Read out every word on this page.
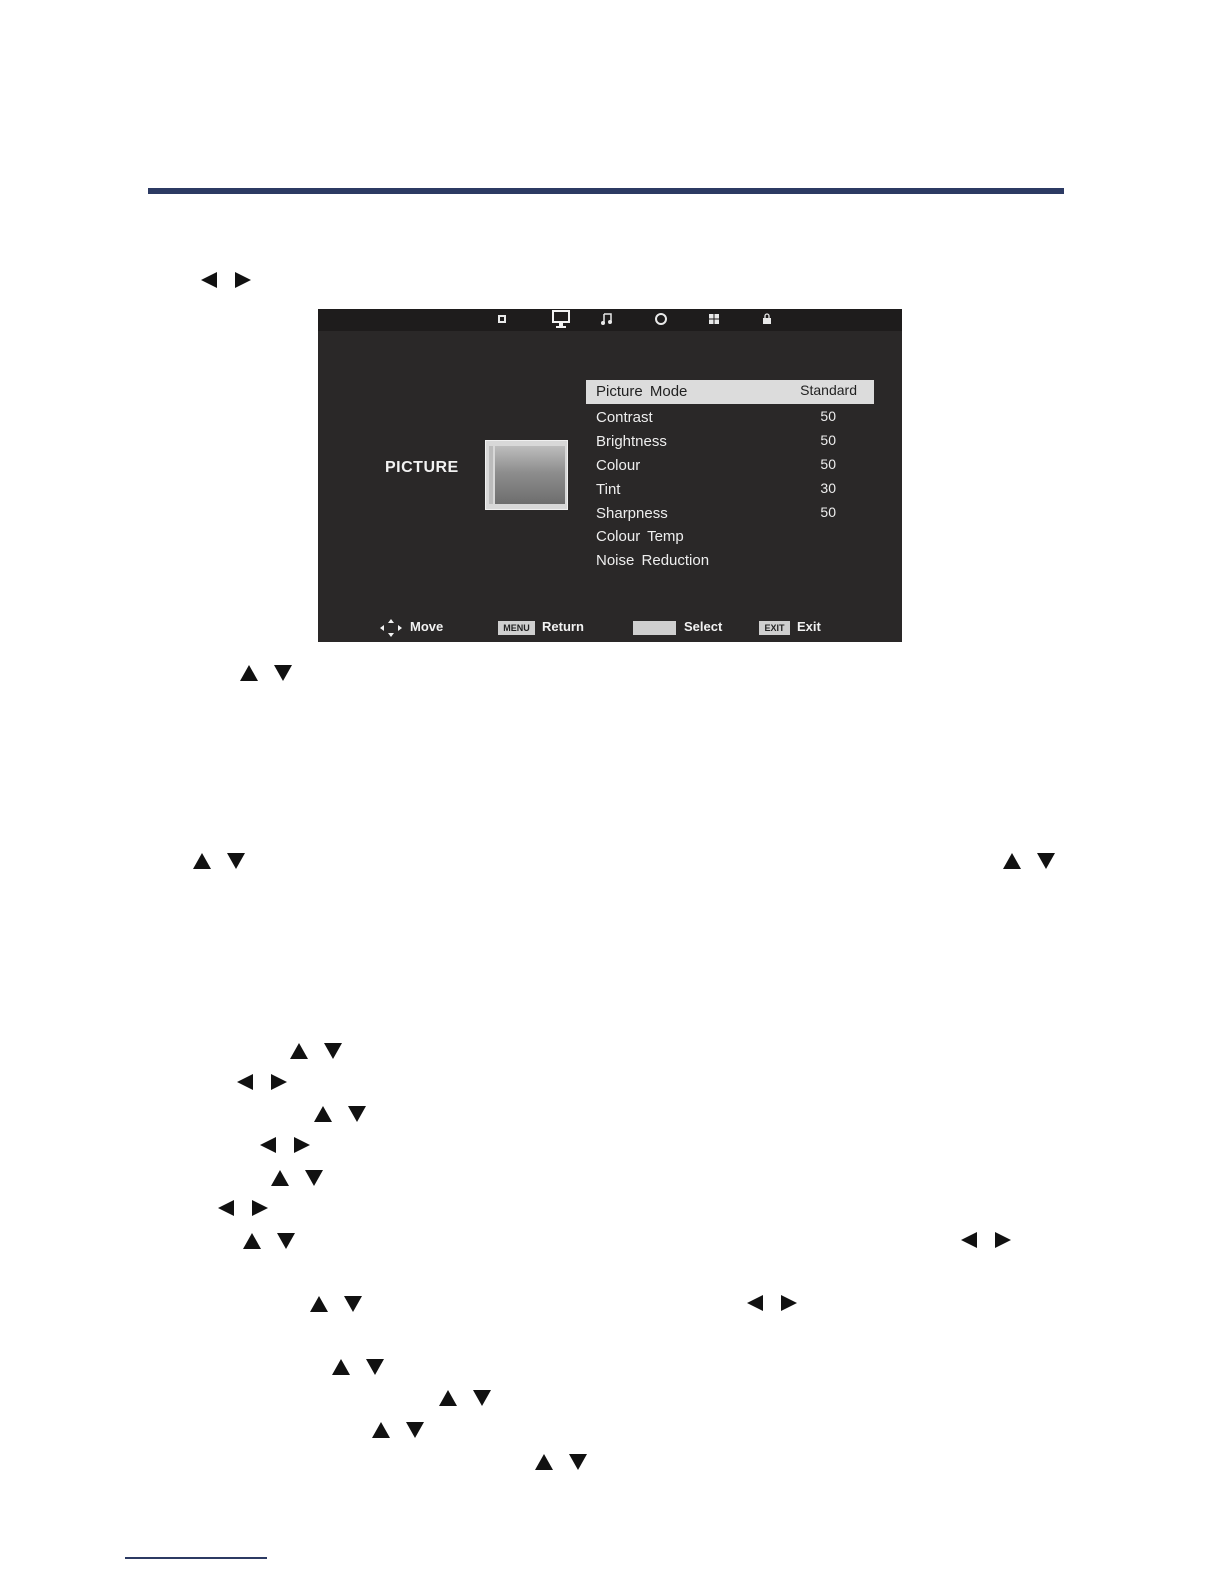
PICTURE
Picture Mode	Standard
Contrast	50
Brightness	50
Colour	50
Tint	30
Sharpness	50
Colour Temp
Noise Reduction
Move	MENU Return	Select	EXIT Exit
